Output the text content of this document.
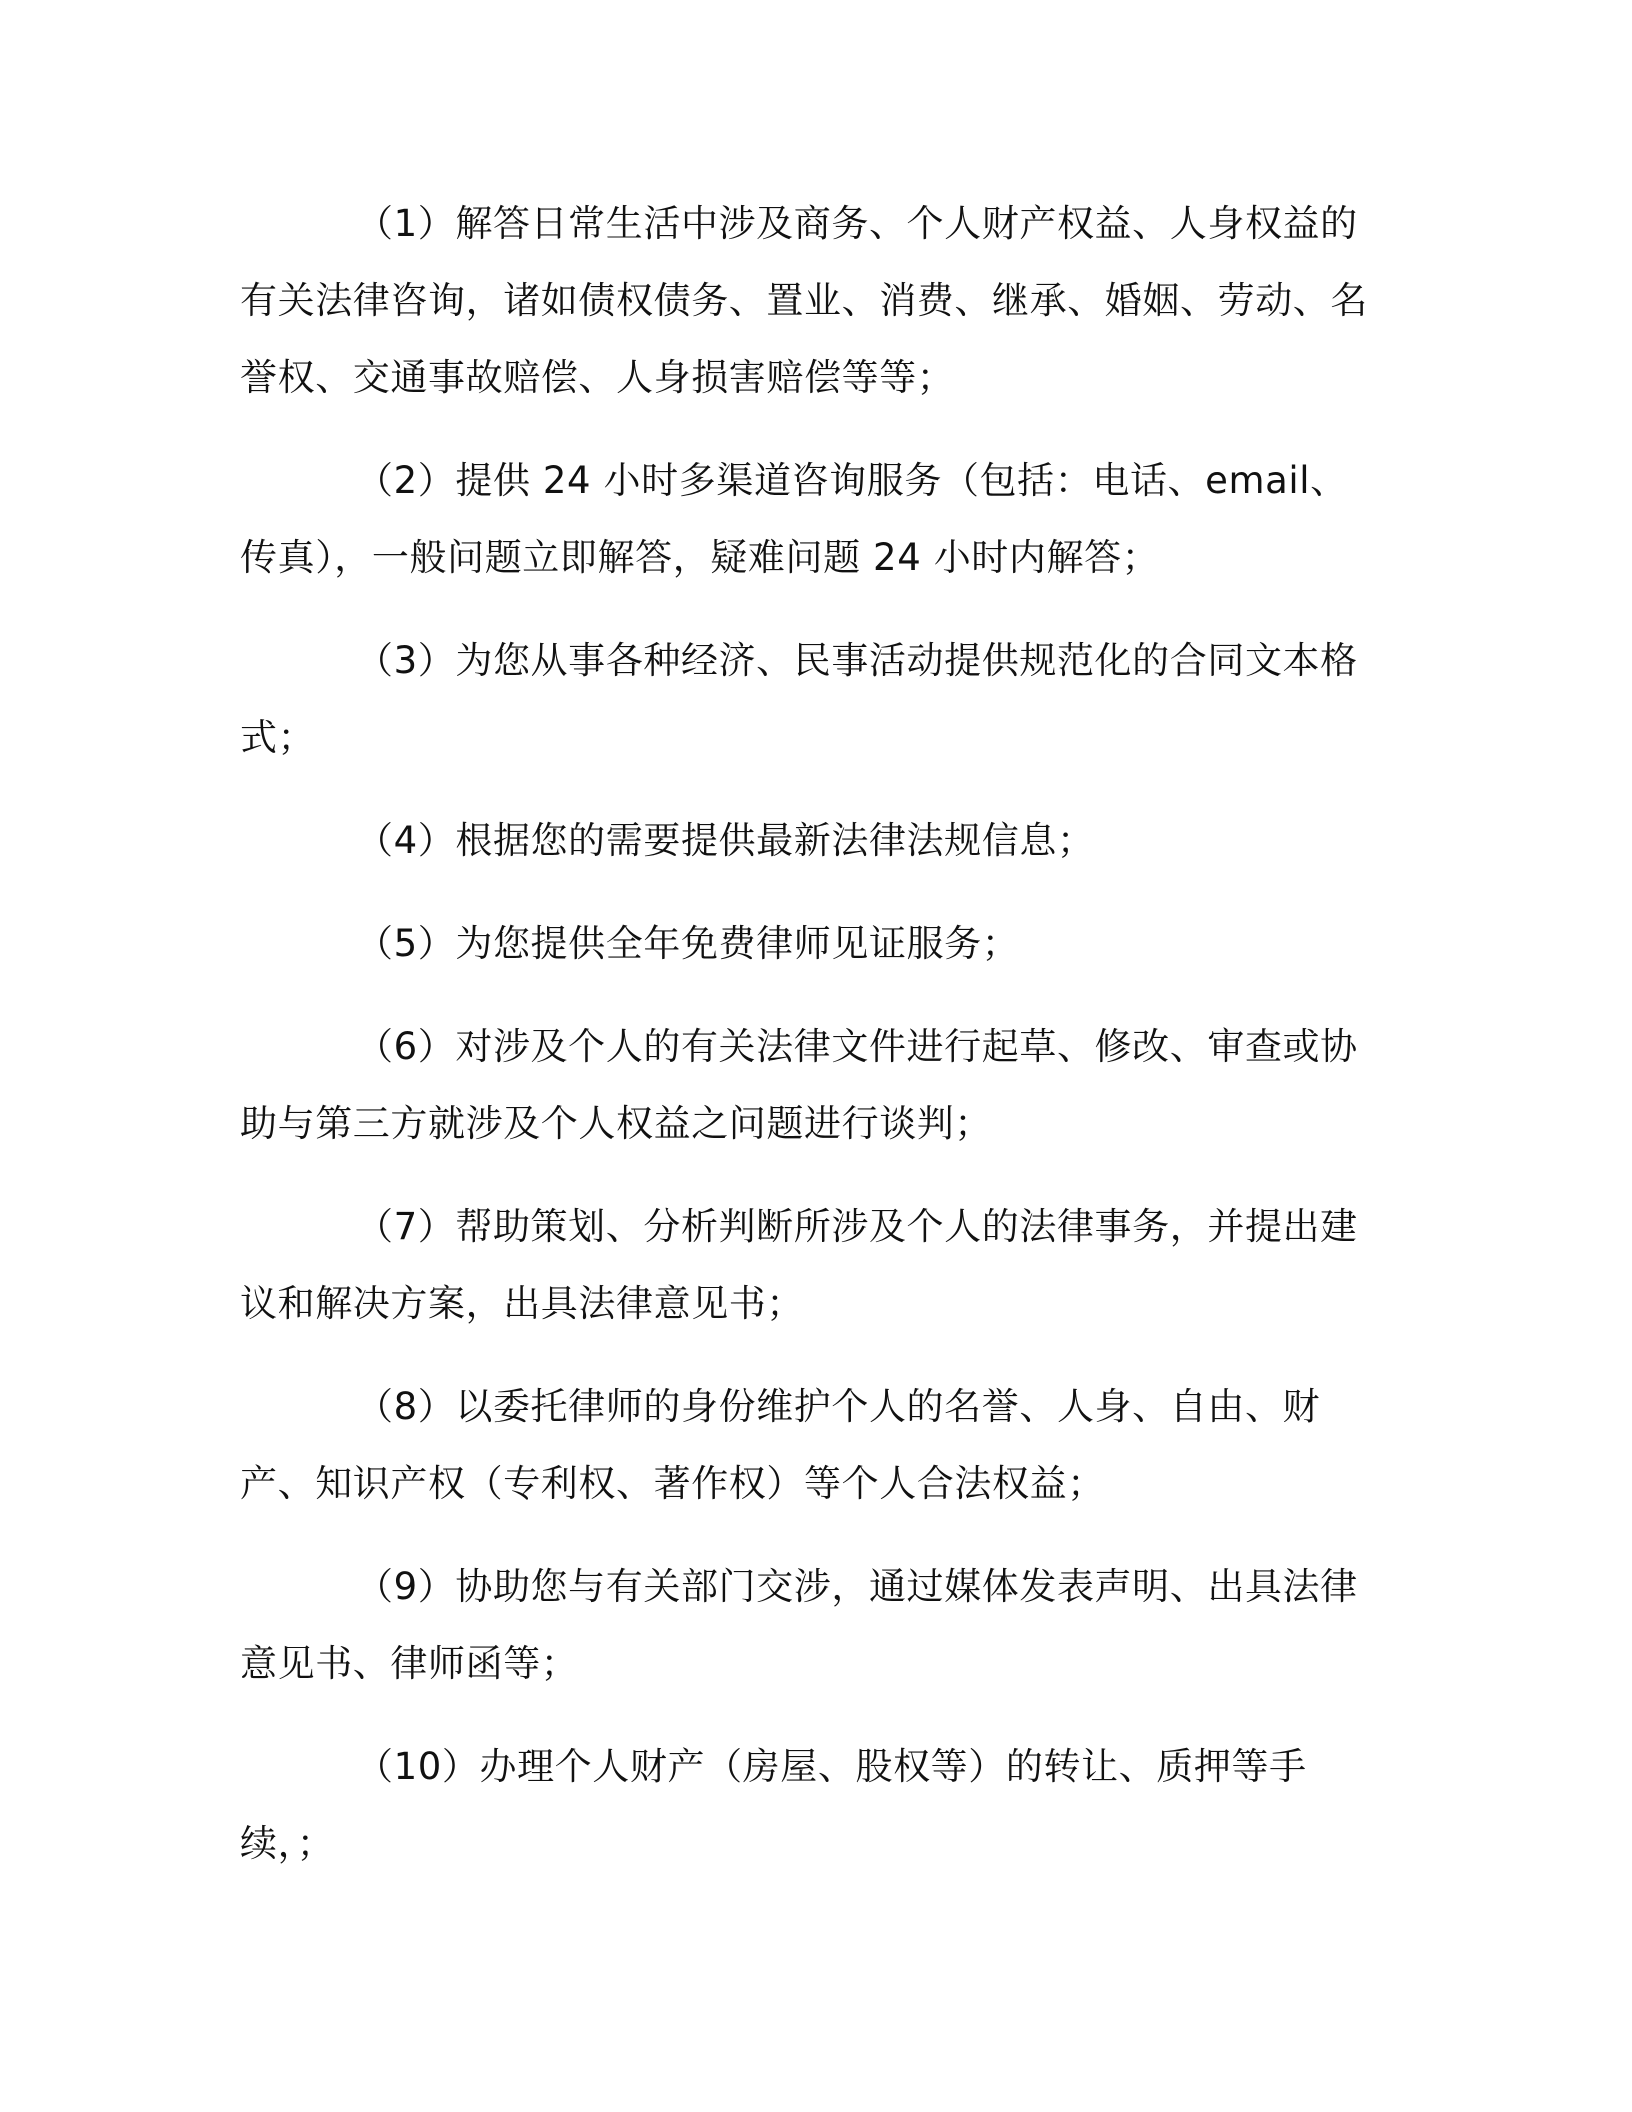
（1）解答日常生活中涉及商务、个人财产权益、人身权益的有关法律咨询，诸如债权债务、置业、消费、继承、婚姻、劳动、名誉权、交通事故赔偿、人身损害赔偿等等；

（2）提供 24 小时多渠道咨询服务（包括：电话、email、传真），一般问题立即解答，疑难问题 24 小时内解答；

（3）为您从事各种经济、民事活动提供规范化的合同文本格式；

（4）根据您的需要提供最新法律法规信息；

（5）为您提供全年免费律师见证服务；

（6）对涉及个人的有关法律文件进行起草、修改、审查或协助与第三方就涉及个人权益之问题进行谈判；

（7）帮助策划、分析判断所涉及个人的法律事务，并提出建议和解决方案，出具法律意见书；

（8）以委托律师的身份维护个人的名誉、人身、自由、财产、知识产权（专利权、著作权）等个人合法权益；

（9）协助您与有关部门交涉，通过媒体发表声明、出具法律意见书、律师函等；

（10）办理个人财产（房屋、股权等）的转让、质押等手续，；
